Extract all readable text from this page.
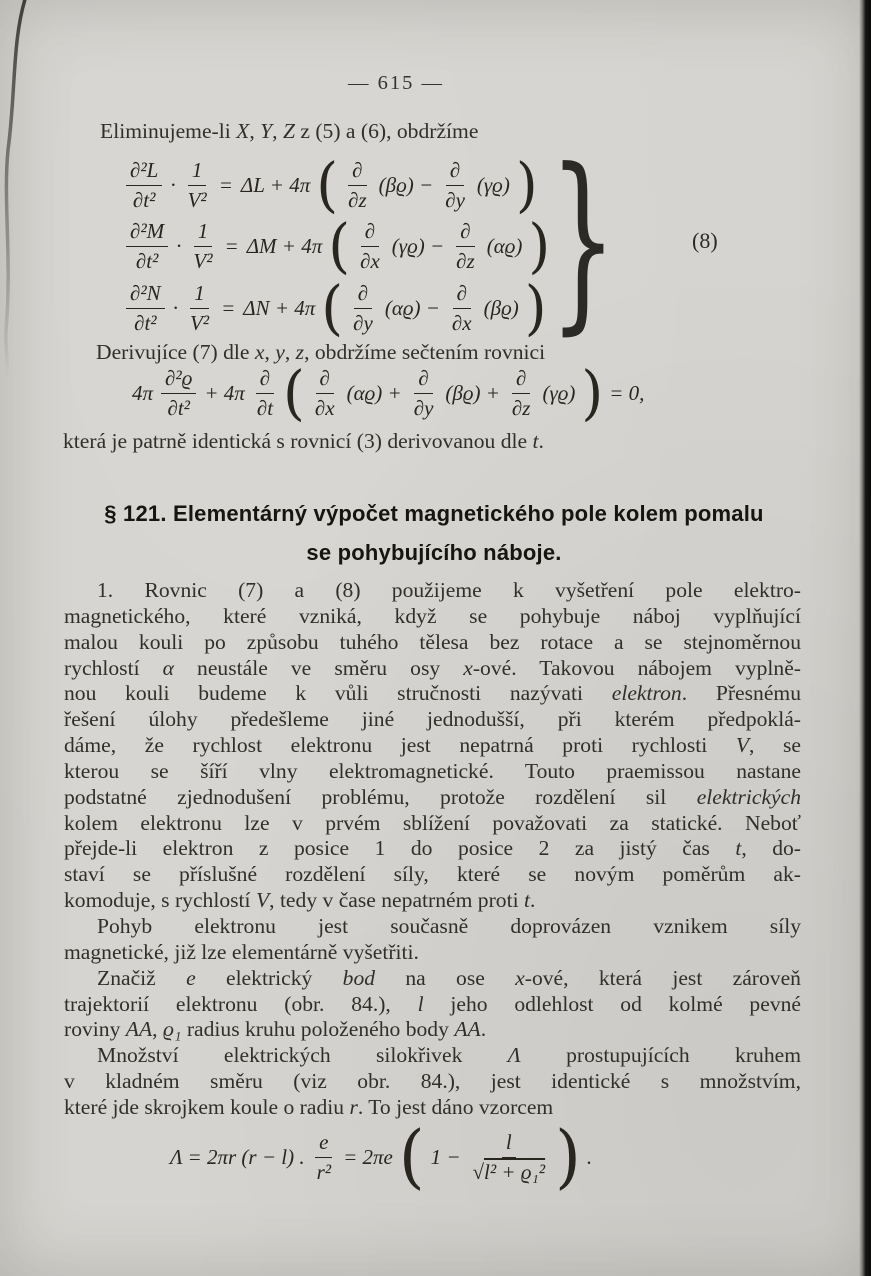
— 615 —
Eliminujeme-li X, Y, Z z (5) a (6), obdržíme
$\frac{\text{∂²L}}{\text{∂t²}} \cdot \frac{1}{\text{V²}} = \Delta L + 4\pi$ ( $\frac{\partial}{\partial z} (\beta ϱ) - \frac{\partial}{\partial y} (\gamma ϱ)$ )
$\frac{\text{∂²M}}{\text{∂t²}} \cdot \frac{1}{\text{V²}} = \Delta M + 4\pi$ ( $\frac{\partial}{\partial x} (\gamma ϱ) - \frac{\partial}{\partial z} (\alpha ϱ)$ )
$\frac{\text{∂²N}}{\text{∂t²}} \cdot \frac{1}{\text{V²}} = \Delta N + 4\pi$ ( $\frac{\partial}{\partial y} (\alpha ϱ) - \frac{\partial}{\partial x} (\beta ϱ)$ ) }	(8)
Derivujíce (7) dle x, y, z, obdržíme sečtením rovnici
$4\pi \frac{\text{∂²ϱ}}{\text{∂t²}} + 4\pi \frac{\partial}{\partial t}$ ( $\frac{\partial}{\partial x} (\alpha ϱ) + \frac{\partial}{\partial y} (\beta ϱ) + \frac{\partial}{\partial z} (\gamma ϱ)$ ) = 0,
která je patrně identická s rovnicí (3) derivovanou dle t.
§ 121. Elementárný výpočet magnetického pole kolem pomalu
se pohybujícího náboje.
1. Rovnic (7) a (8) použijeme k vyšetření pole elektro-
magnetického, které vzniká, když se pohybuje náboj vyplňující
malou kouli po způsobu tuhého tělesa bez rotace a se stejnoměrnou
rychlostí α neustále ve směru osy x-ové. Takovou nábojem vyplně-
nou kouli budeme k vůli stručnosti nazývati elektron. Přesnému
řešení úlohy předešleme jiné jednodušší, při kterém předpoklá-
dáme, že rychlost elektronu jest nepatrná proti rychlosti V, se
kterou se šíří vlny elektromagnetické. Touto praemissou nastane
podstatné zjednodušení problému, protože rozdělení sil elektrických
kolem elektronu lze v prvém sblížení považovati za statické. Neboť
přejde-li elektron z posice 1 do posice 2 za jistý čas t, do-
staví se příslušné rozdělení síly, které se novým poměrům ak-
komoduje, s rychlostí V, tedy v čase nepatrném proti t.
Pohyb elektronu jest současně doprovázen vznikem síly
magnetické, již lze elementárně vyšetřiti.
Značiž e elektrický bod na ose x-ové, která jest zároveň
trajektorií elektronu (obr. 84.), l jeho odlehlost od kolmé pevné
roviny AA, ϱ₁ radius kruhu položeného body AA.
Množství elektrických silokřivek Λ prostupujících kruhem
v kladném směru (viz obr. 84.), jest identické s množstvím,
které jde skrojkem koule o radiu r. To jest dáno vzorcem
Λ = 2πr (r − l) . $\frac{e}{\text{r²}} = 2\pi e$ ( $1 - \frac{l}{\text{√l² + ϱ₁²}}$ ) .
